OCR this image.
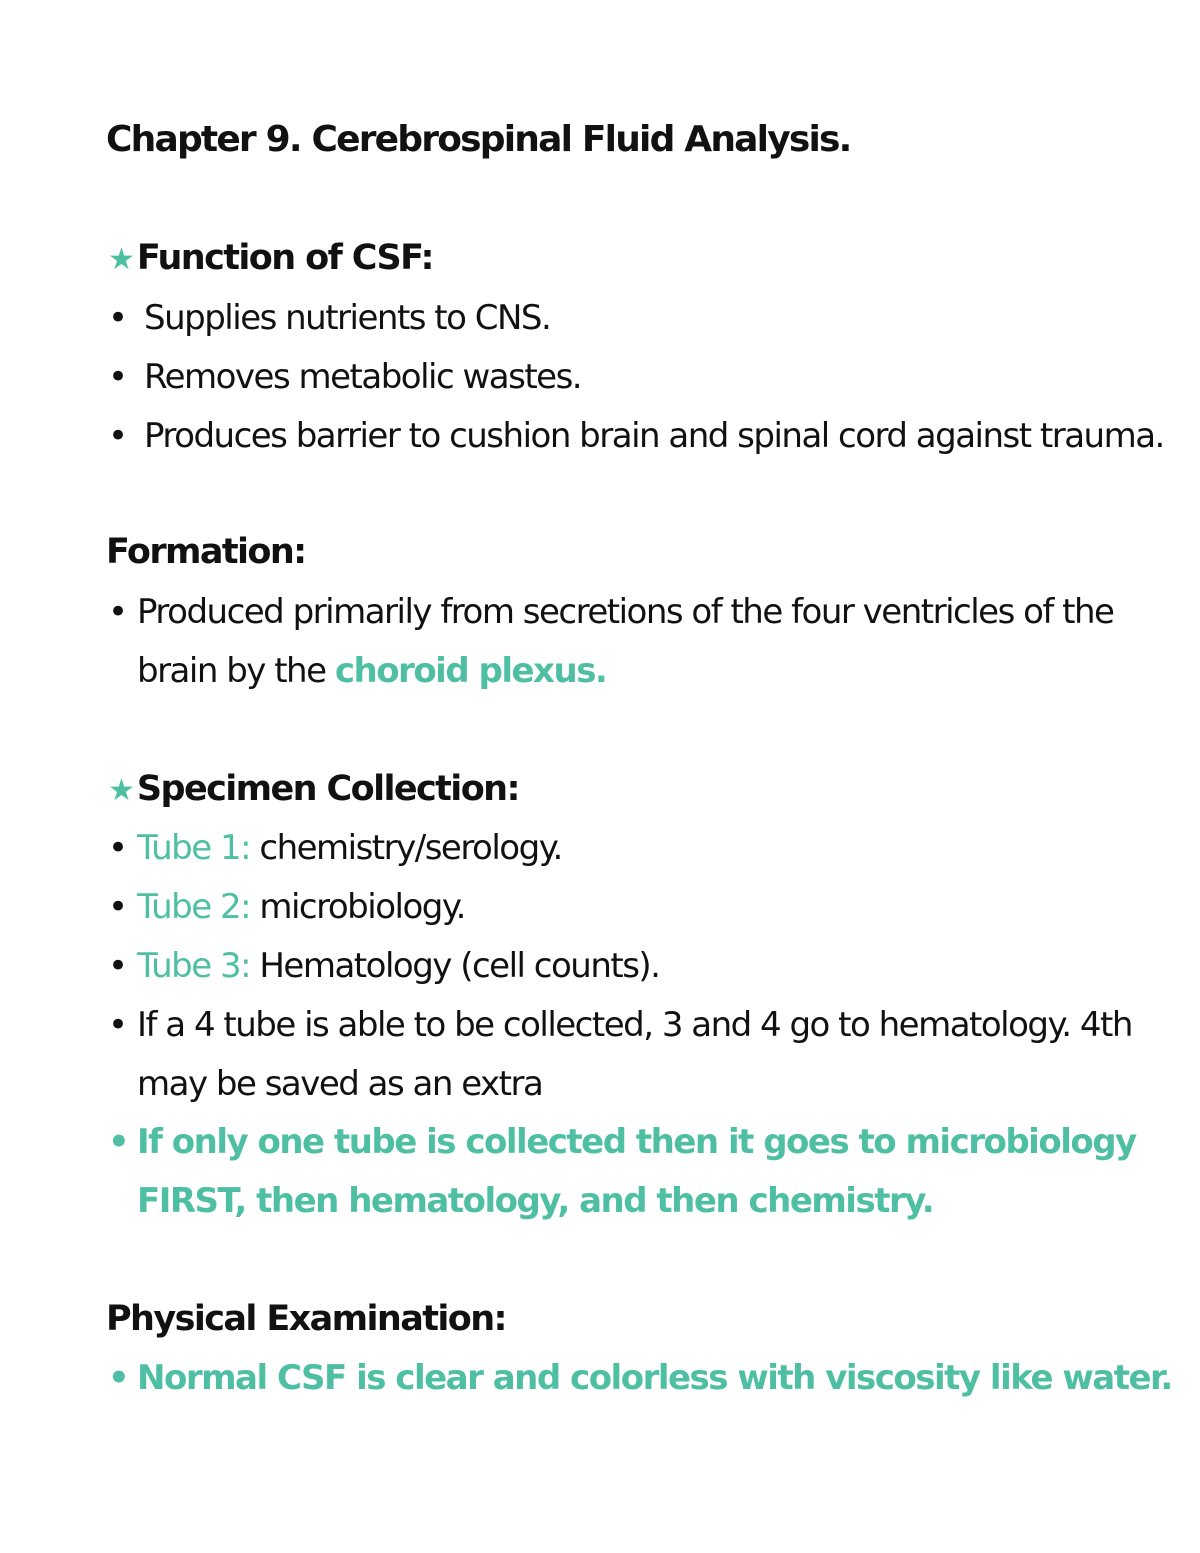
Chapter 9. Cerebrospinal Fluid Analysis.
★Function of CSF:
• Supplies nutrients to CNS.
• Removes metabolic wastes.
• Produces barrier to cushion brain and spinal cord against trauma.
Formation:
• Produced primarily from secretions of the four ventricles of the
brain by the choroid plexus.
★Specimen Collection:
• Tube 1: chemistry/serology.
• Tube 2: microbiology.
• Tube 3: Hematology (cell counts).
• If a 4 tube is able to be collected, 3 and 4 go to hematology. 4th
may be saved as an extra
• If only one tube is collected then it goes to microbiology
FIRST, then hematology, and then chemistry.
Physical Examination:
• Normal CSF is clear and colorless with viscosity like water.
